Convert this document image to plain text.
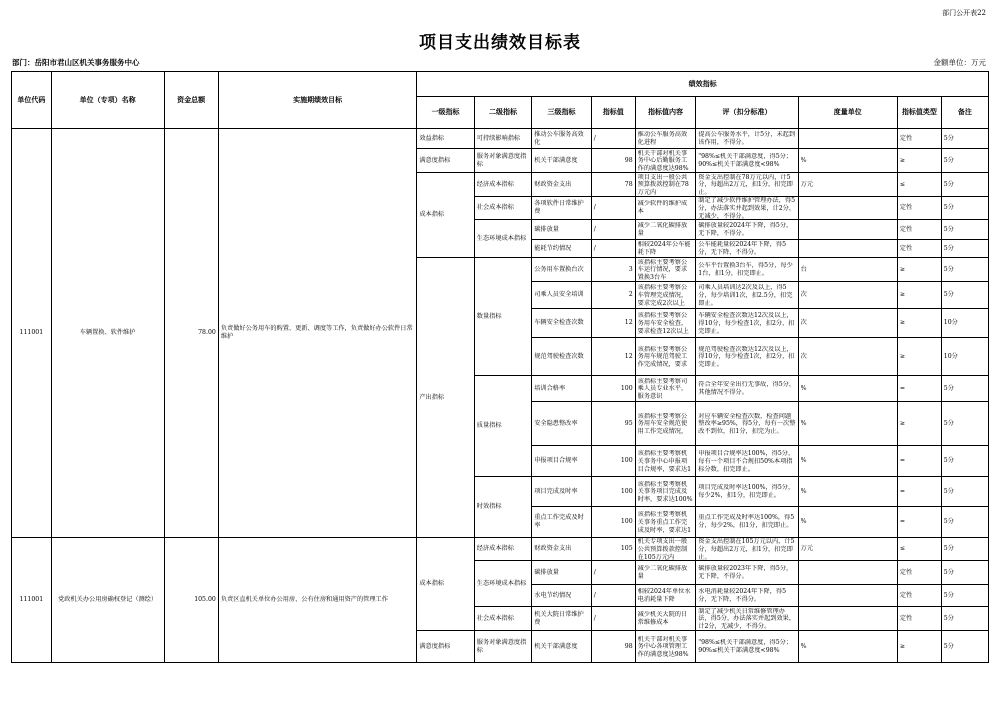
部门公开表22
项目支出绩效目标表
部门：岳阳市君山区机关事务服务中心	金额单位：万元
单位代码	单位（专项）名称	资金总额	实施期绩效目标	绩效指标								
				一级指标	二级指标	三级指标	指标值	指标值内容	评（扣分标准）	度量单位	指标值类型	备注
111001	车辆置换、软件维护	78.00	负责做好公务用车的购置、更新、调度等工作，负责做好办公软件日常维护	效益指标	可持续影响指标	推动公车服务高效化	/	推动公车服务高效化进程	提高公车服务水平，计5分，未起到该作用，不得分。		定性	5分
				满意度指标	服务对象满意度指标	机关干部满意度	98	机关干部对机关事务中心后勤服务工作的满意度达98%	"98%≤机关干部满意度，得5分；90%≤机关干部满意度<98%	%	≥	5分
				成本指标	经济成本指标	财政资金支出	78	项目支出一般公共预算拨款控制在78万元内	资金支出控制在78万元以内，计5分，每超出2万元，扣1分，扣完即止。	万元	≤	5分
					社会成本指标	各项软件日常维护费	/	减少软件的维护成本	制定了减少软件维护管理办法，得5分，办法落实并起到效果，计2分，无减少，不得分。		定性	5分
					生态环境成本指标	碳排放量	/	减少二氧化碳排放量	碳排放量较2024年下降，得5分，无下降，不得分。		定性	5分
						能耗节约情况	/	相较2024年公车能耗下降	公车能耗量较2024年下降，得5分，无下降，不得分。		定性	5分
				产出指标	数量指标	公务用车置换台次	3	该指标主要考察公车运行情况，要求置换3台车	公车平台置换3台车，得5分，每少1台，扣1分，扣完即止。	台	≥	5分
						司乘人员安全培训	2	该指标主要考察公车管理完成情况，要求完成2次以上	司乘人员培训达2次及以上，得5分，每少培训1次，扣2.5分，扣完即止。	次	≥	5分
						车辆安全检查次数	12	该指标主要考察公务用车安全检查，要求检查12次以上	车辆安全检查次数达12次及以上，得10分，每少检查1次，扣2分，扣完即止。	次	≥	10分
						规范驾驶检查次数	12	该指标主要考察公务用车规范驾驶工作完成情况，要求	规范驾驶检查次数达12次及以上，得10分，每少检查1次，扣2分，扣完即止。	次	≥	10分
					质量指标	培训合格率	100	该指标主要考察司乘人员专业水平，服务意识	符合全年安全出行无事故，得5分，其他情况不得分。	%	=	5分
						安全隐患整改率	95	该指标主要考察公务用车安全规范使用工作完成情况，	对应车辆安全检查次数，检查问题整改率≥95%，得5分，每有一次整改不到位，扣1分，扣完为止。	%	≥	5分
						申报项目合规率	100	该指标主要考察机关事务中心申报项目合规率，要求达1	申报项目合规率达100%，得5分，每有一个项目不合规扣50%本项指标分数，扣完即止。	%	=	5分
					时效指标	项目完成及时率	100	该指标主要考察机关事务项目完成及时率，要求达100%	项目完成及时率达100%，得5分，每少2%，扣1分，扣完即止。	%	=	5分
						重点工作完成及时率	100	该指标主要考察机关事务重点工作完成及时率，要求达1	重点工作完成及时率达100%，得5分，每少2%，扣1分，扣完即止。	%	=	5分
111001	党政机关办公用房确权登记（测绘）	105.00	负责区直机关单位办公用房、公有住房和通用资产的管理工作	成本指标	经济成本指标	财政资金支出	105	机关专项支出一般公共预算拨款控制在105万元内	资金支出控制在105万元以内，计5分，每超出2万元，扣1分，扣完即止。	万元	≤	5分
					生态环境成本指标	碳排放量	/	减少二氧化碳排放量	碳排放量较2023年下降，得5分，无下降，不得分。		定性	5分
						水电节约情况	/	相较2024年单位水电消耗量下降	水电消耗量较2024年下降，得5分，无下降，不得分。		定性	5分
					社会成本指标	机关大院日常维护费	/	减少机关大院的日常维修成本	制定了减少机关日常维修管理办法，得5分，办法落实并起到效果，计2分，无减少，不得分。		定性	5分
				满意度指标	服务对象满意度指标	机关干部满意度	98	机关干部对机关事务中心各项管理工作的满意度达98%	"98%≤机关干部满意度，得5分；90%≤机关干部满意度<98%	%	≥	5分
